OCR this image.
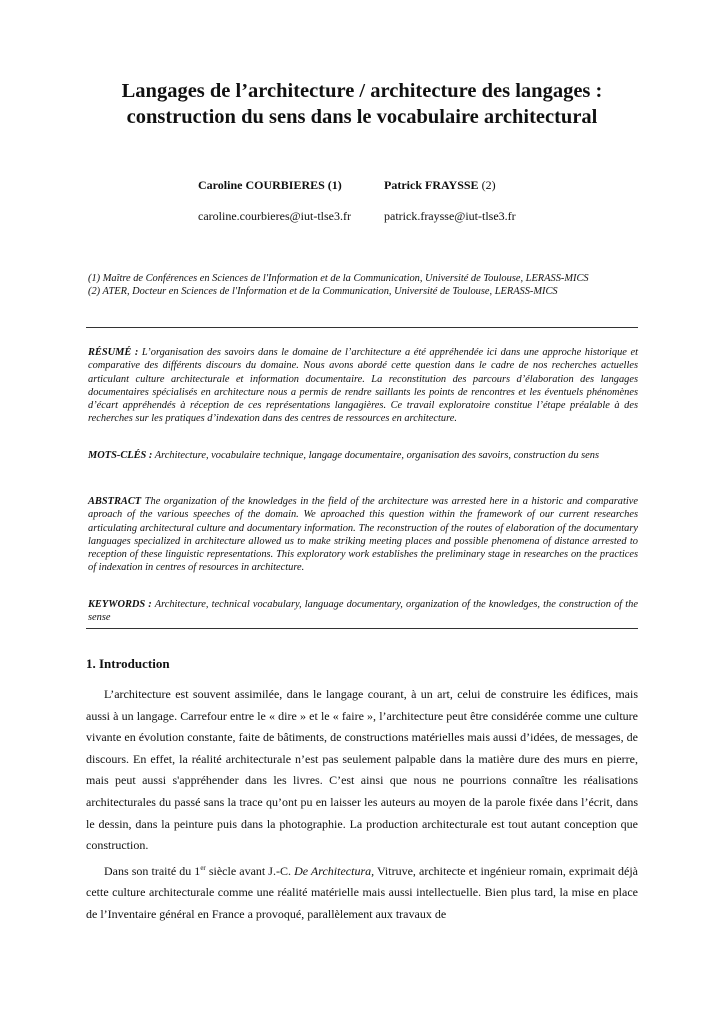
Langages de l’architecture / architecture des langages :
construction du sens dans le vocabulaire architectural
Caroline COURBIERES (1)
caroline.courbieres@iut-tlse3.fr
Patrick FRAYSSE (2)
patrick.fraysse@iut-tlse3.fr
(1) Maître de Conférences en Sciences de l'Information et de la Communication, Université de Toulouse, LERASS-MICS
(2) ATER, Docteur en Sciences de l'Information et de la Communication, Université de Toulouse, LERASS-MICS
RÉSUMÉ : L’organisation des savoirs dans le domaine de l’architecture a été appréhendée ici dans une approche historique et comparative des différents discours du domaine. Nous avons abordé cette question dans le cadre de nos recherches actuelles articulant culture architecturale et information documentaire. La reconstitution des parcours d’élaboration des langages documentaires spécialisés en architecture nous a permis de rendre saillants les points de rencontres et les éventuels phénomènes d’écart appréhendés à réception de ces représentations langagières. Ce travail exploratoire constitue l’étape préalable à des recherches sur les pratiques d’indexation dans des centres de ressources en architecture.
MOTS-CLÉS : Architecture, vocabulaire technique, langage documentaire, organisation des savoirs, construction du sens
ABSTRACT The organization of the knowledges in the field of the architecture was arrested here in a historic and comparative aproach of the various speeches of the domain. We aproached this question within the framework of our current researches articulating architectural culture and documentary information. The reconstruction of the routes of elaboration of the documentary languages specialized in architecture allowed us to make striking meeting places and possible phenomena of distance arrested to reception of these linguistic representations. This exploratory work establishes the preliminary stage in researches on the practices of indexation in centres of resources in architecture.
KEYWORDS : Architecture, technical vocabulary, language documentary, organization of the knowledges, the construction of the sense
1. Introduction

L’architecture est souvent assimilée, dans le langage courant, à un art, celui de construire les édifices, mais aussi à un langage. Carrefour entre le « dire » et le « faire », l’architecture peut être considérée comme une culture vivante en évolution constante, faite de bâtiments, de constructions matérielles mais aussi d’idées, de messages, de discours. En effet, la réalité architecturale n’est pas seulement palpable dans la matière dure des murs en pierre, mais peut aussi s'appréhender dans les livres. C’est ainsi que nous ne pourrions connaître les réalisations architecturales du passé sans la trace qu’ont pu en laisser les auteurs au moyen de la parole fixée dans l’écrit, dans le dessin, dans la peinture puis dans la photographie. La production architecturale est tout autant conception que construction.

Dans son traité du 1er siècle avant J.-C. De Architectura, Vitruve, architecte et ingénieur romain, exprimait déjà cette culture architecturale comme une réalité matérielle mais aussi intellectuelle. Bien plus tard, la mise en place de l’Inventaire général en France a provoqué, parallèlement aux travaux de
